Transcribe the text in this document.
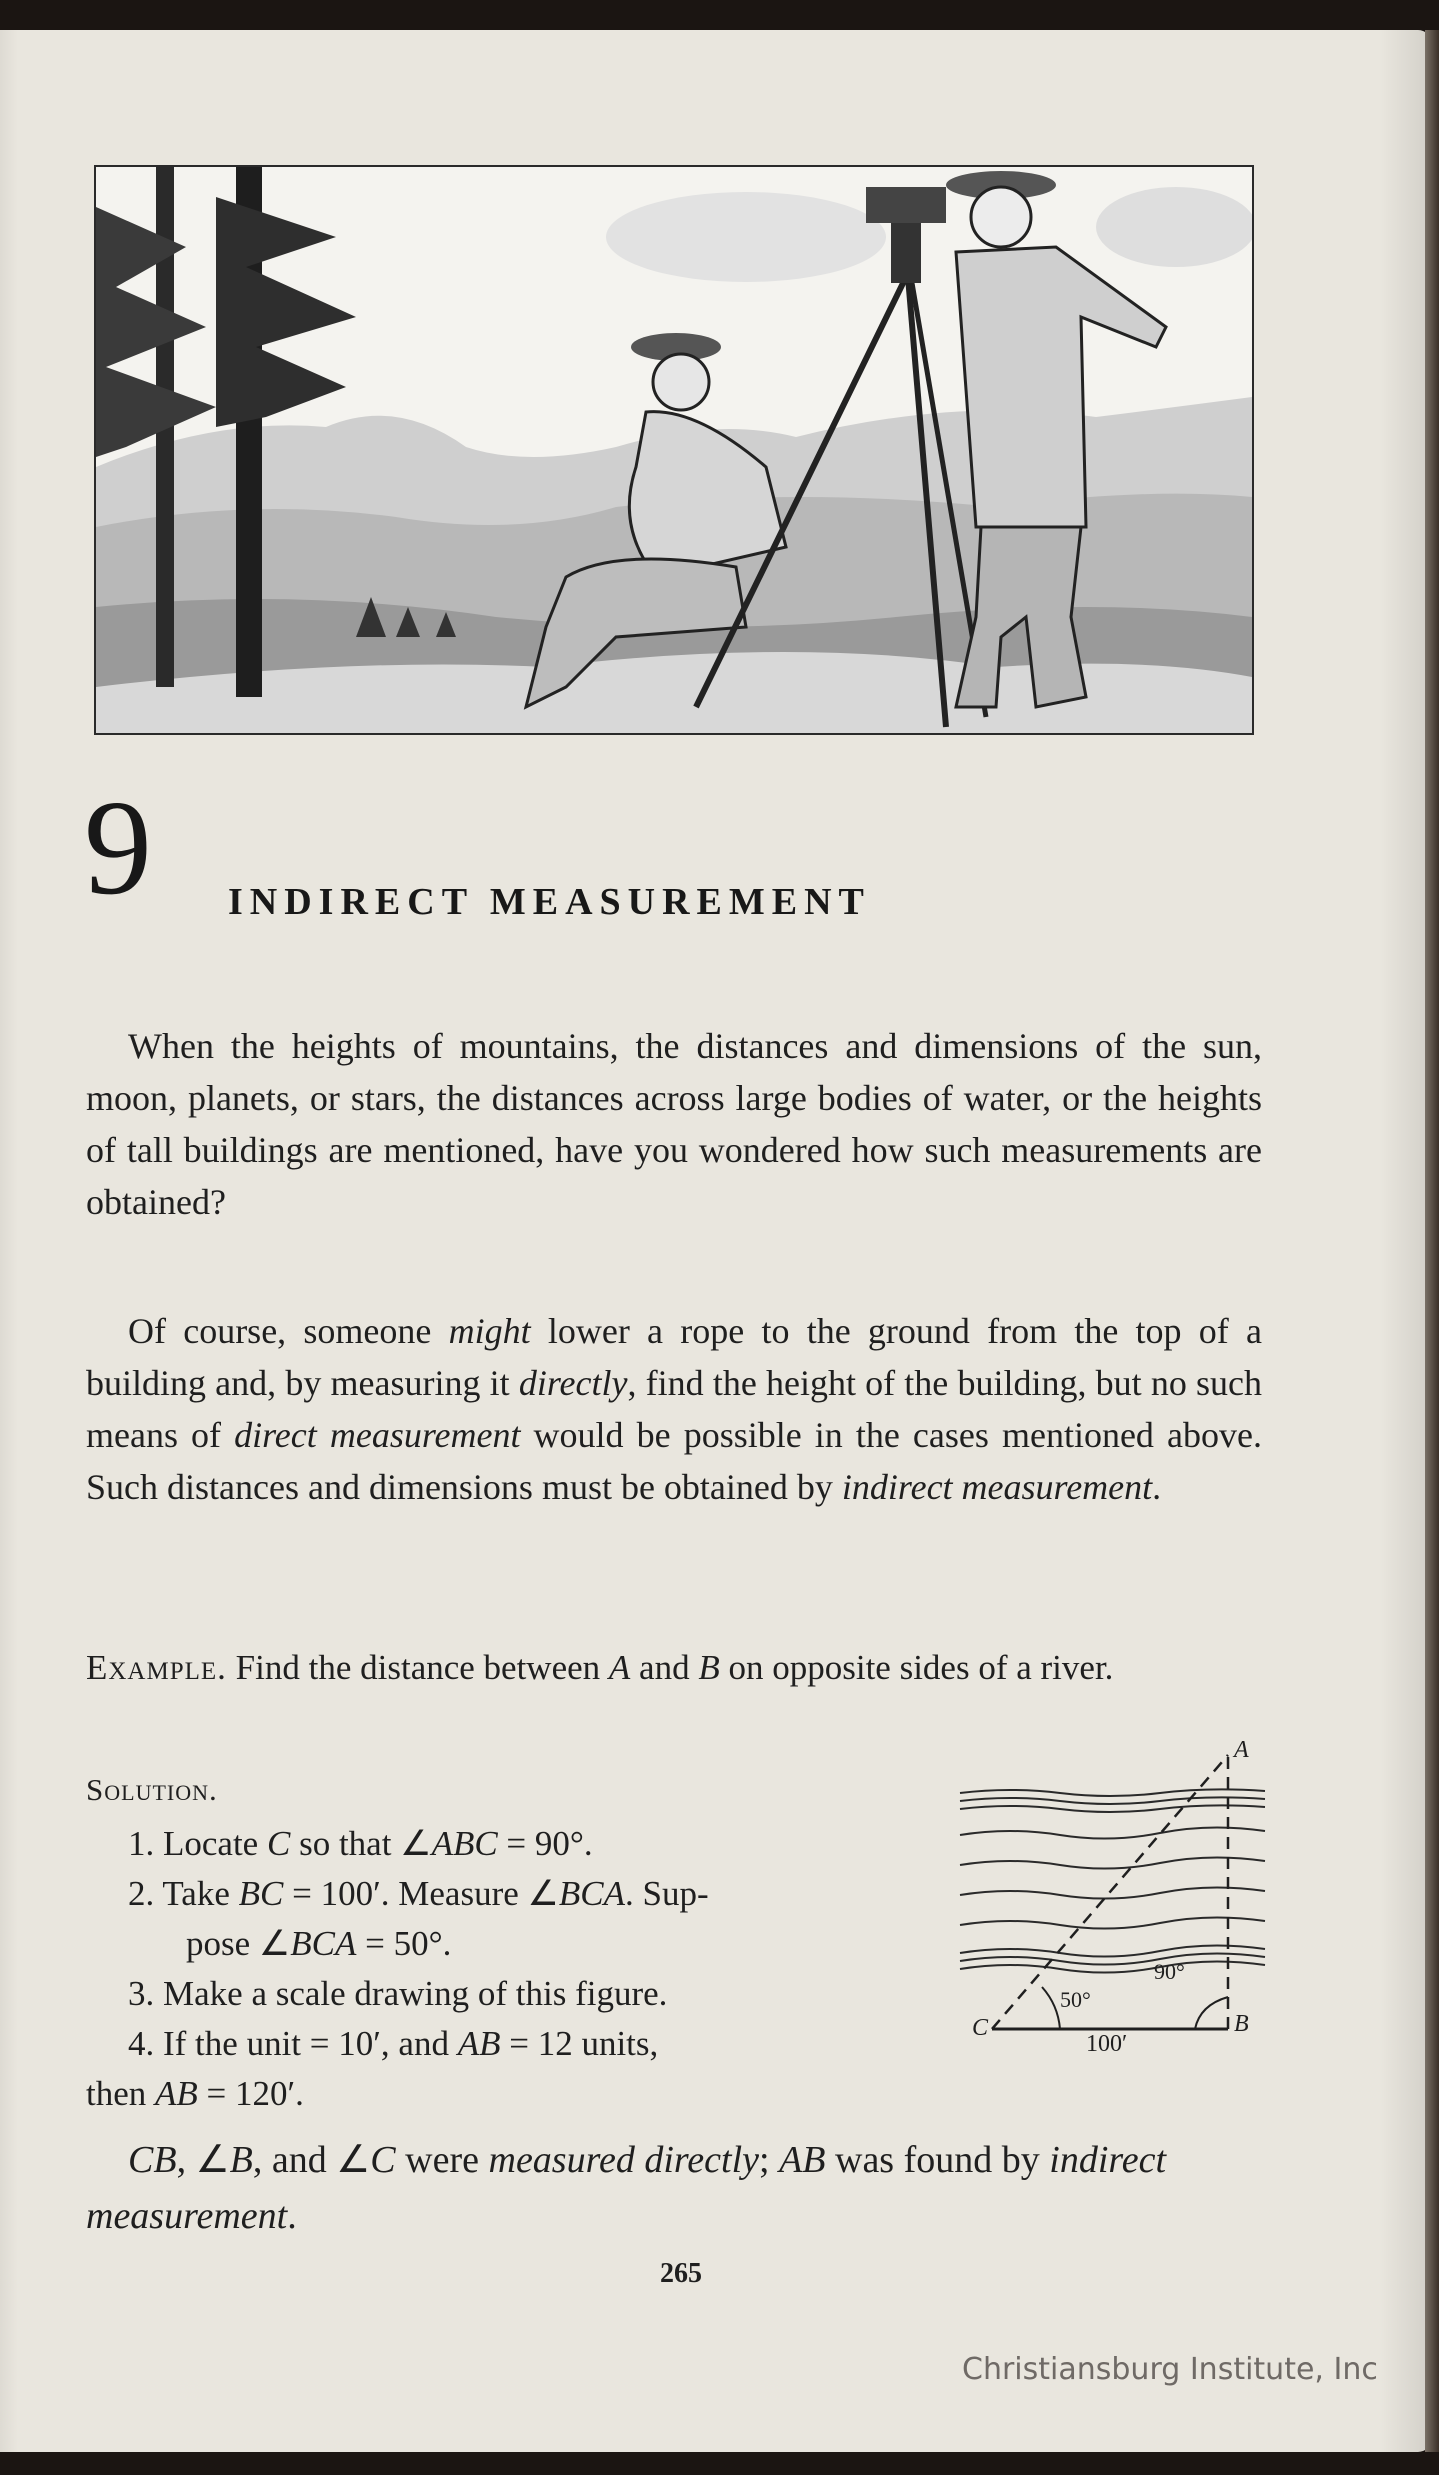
9 INDIRECT MEASUREMENT
When the heights of mountains, the distances and dimensions of the sun, moon, planets, or stars, the distances across large bodies of water, or the heights of tall buildings are mentioned, have you wondered how such measurements are obtained?
Of course, someone might lower a rope to the ground from the top of a building and, by measuring it directly, find the height of the building, but no such means of direct measurement would be possible in the cases mentioned above. Such distances and dimensions must be obtained by indirect measurement.
Example. Find the distance between A and B on opposite sides of a river.
Solution.
1. Locate C so that ∠ABC = 90°.
2. Take BC = 100′. Measure ∠BCA. Sup-
pose ∠BCA = 50°.
3. Make a scale drawing of this figure.
4. If the unit = 10′, and AB = 12 units,
then AB = 120′.
A
B
C
50°
90°
100′
CB, ∠B, and ∠C were measured directly; AB was found by indirect measurement.
265
Christiansburg Institute, Inc
